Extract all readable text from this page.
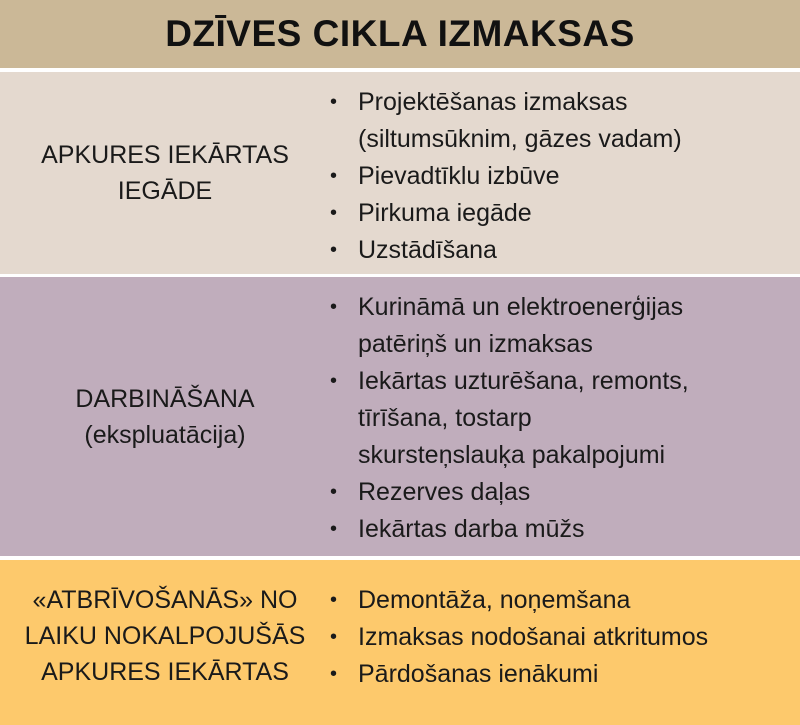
DZĪVES CIKLA IZMAKSAS
APKURES IEKĀRTAS
IEGĀDE
• Projektēšanas izmaksas
(siltumsūknim, gāzes vadam)
• Pievadtīklu izbūve
• Pirkuma iegāde
• Uzstādīšana
DARBINĀŠANA
(ekspluatācija)
• Kurināmā un elektroenerģijas
patēriņš un izmaksas
• Iekārtas uzturēšana, remonts,
tīrīšana, tostarp
skursteņslauķa pakalpojumi
• Rezerves daļas
• Iekārtas darba mūžs
«ATBRĪVOŠANĀS» NO
LAIKU NOKALPOJUŠĀS
APKURES IEKĀRTAS
• Demontāža, noņemšana
• Izmaksas nodošanai atkritumos
• Pārdošanas ienākumi
